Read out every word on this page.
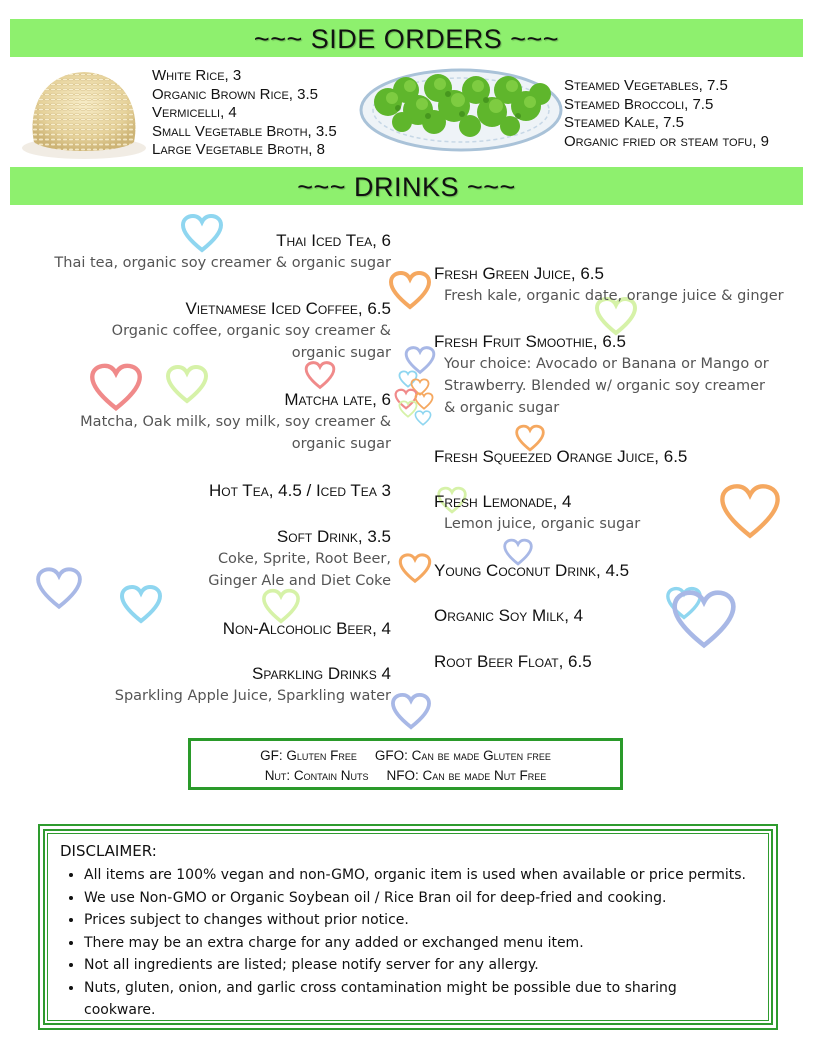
~~~ SIDE ORDERS ~~~
White Rice, 3
Organic Brown Rice, 3.5
Vermicelli, 4
Small Vegetable Broth, 3.5
Large Vegetable Broth, 8
Steamed Vegetables, 7.5
Steamed Broccoli, 7.5
Steamed Kale, 7.5
Organic fried or steam tofu, 9
~~~ DRINKS ~~~
Thai Iced Tea, 6
Thai tea, organic soy creamer & organic sugar
Vietnamese Iced Coffee, 6.5
Organic coffee, organic soy creamer &
organic sugar
Matcha late, 6
Matcha, Oak milk, soy milk, soy creamer &
organic sugar
Hot Tea, 4.5 / Iced Tea 3
Soft Drink, 3.5
Coke, Sprite, Root Beer,
Ginger Ale and Diet Coke
Non-Alcoholic Beer, 4
Sparkling Drinks 4
Sparkling Apple Juice, Sparkling water
Fresh Green Juice, 6.5
Fresh kale, organic date, orange juice & ginger
Fresh Fruit Smoothie, 6.5
Your choice: Avocado or Banana or Mango or
Strawberry. Blended w/ organic soy creamer
& organic sugar
Fresh Squeezed Orange Juice, 6.5
Fresh Lemonade, 4
Lemon juice, organic sugar
Young Coconut Drink, 4.5
Organic Soy Milk, 4
Root Beer Float, 6.5
GF: Gluten Free GFO: Can be made Gluten free
Nut: Contain Nuts NFO: Can be made Nut Free
DISCLAIMER:
• All items are 100% vegan and non-GMO, organic item is used when available or price permits.
• We use Non-GMO or Organic Soybean oil / Rice Bran oil for deep-fried and cooking.
• Prices subject to changes without prior notice.
• There may be an extra charge for any added or exchanged menu item.
• Not all ingredients are listed; please notify server for any allergy.
• Nuts, gluten, onion, and garlic cross contamination might be possible due to sharing cookware.
